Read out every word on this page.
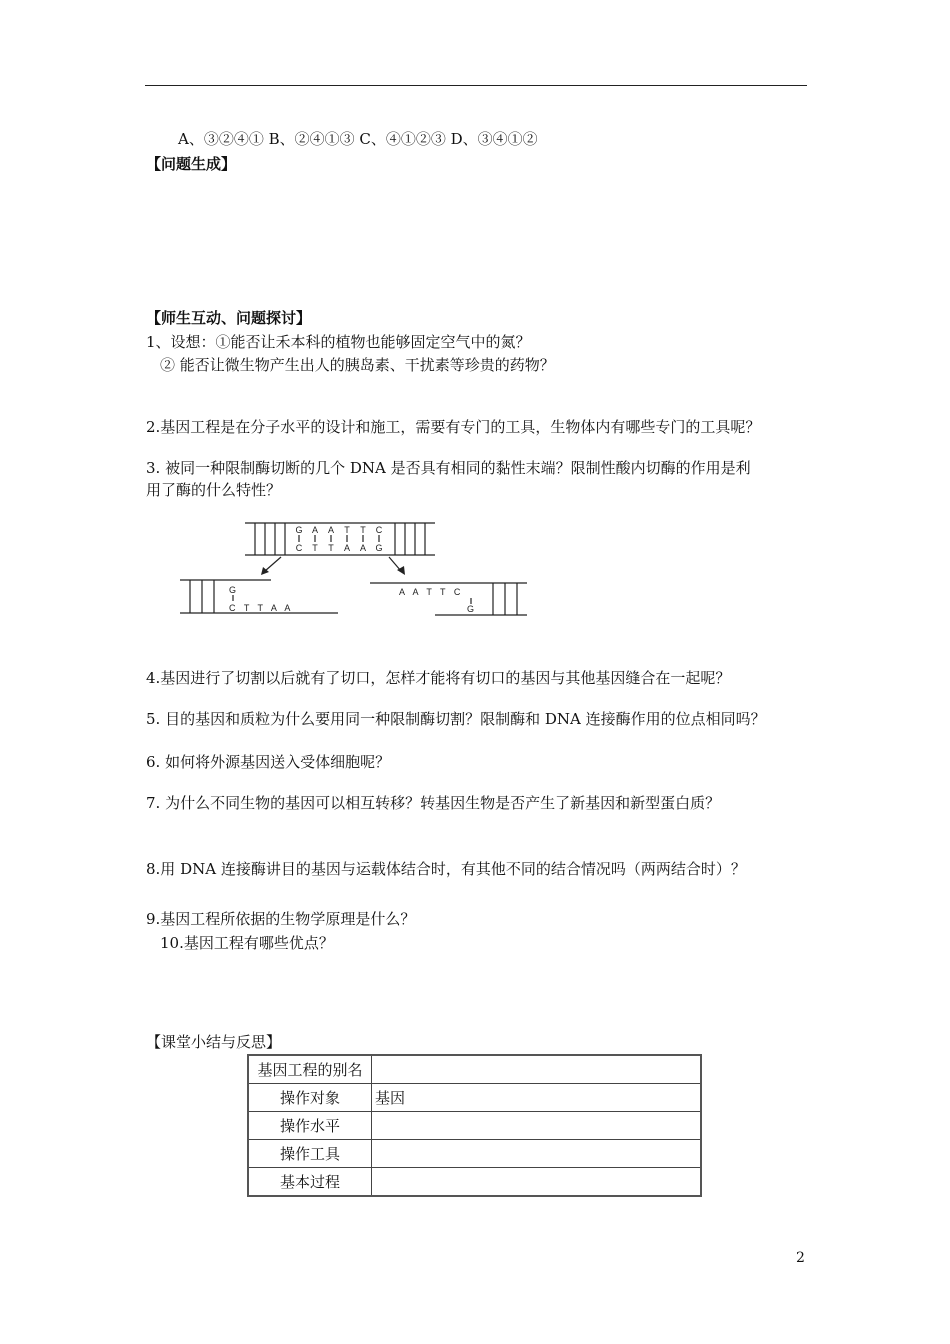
A、③②④① B、②④①③ C、④①②③ D、③④①②
【问题生成】
【师生互动、问题探讨】
1、设想：①能否让禾本科的植物也能够固定空气中的氮？
② 能否让微生物产生出人的胰岛素、干扰素等珍贵的药物？
2.基因工程是在分子水平的设计和施工，需要有专门的工具，生物体内有哪些专门的工具呢？
3. 被同一种限制酶切断的几个 DNA 是否具有相同的黏性末端？限制性酸内切酶的作用是利
用了酶的什么特性？
G A A T T C
C T T A A G
G
C T T A A
A A T T C
G
4.基因进行了切割以后就有了切口，怎样才能将有切口的基因与其他基因缝合在一起呢？
5. 目的基因和质粒为什么要用同一种限制酶切割？限制酶和 DNA 连接酶作用的位点相同吗？
6. 如何将外源基因送入受体细胞呢？
7. 为什么不同生物的基因可以相互转移？转基因生物是否产生了新基因和新型蛋白质？
8.用 DNA 连接酶讲目的基因与运载体结合时，有其他不同的结合情况吗（两两结合时）？
9.基因工程所依据的生物学原理是什么？
10.基因工程有哪些优点？
【课堂小结与反思】
基因工程的别名	
操作对象	基因
操作水平	
操作工具	
基本过程	
2
